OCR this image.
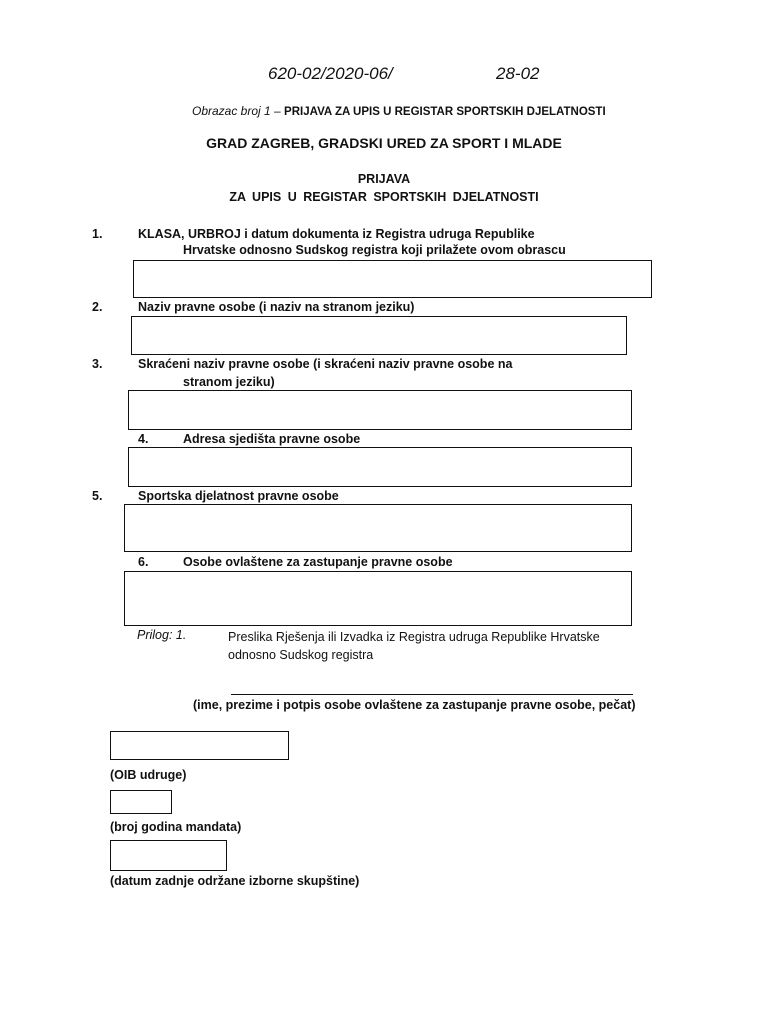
620-02/2020-06/	28-02
Obrazac broj 1 – PRIJAVA ZA UPIS U REGISTAR SPORTSKIH DJELATNOSTI
GRAD ZAGREB, GRADSKI URED ZA SPORT I MLADE
PRIJAVA
ZA UPIS U REGISTAR SPORTSKIH DJELATNOSTI
1.	KLASA, URBROJ i datum dokumenta iz Registra udruga Republike
Hrvatske odnosno Sudskog registra koji prilažete ovom obrascu
2.	Naziv pravne osobe (i naziv na stranom jeziku)
3.	Skraćeni naziv pravne osobe (i skraćeni naziv pravne osobe na
stranom jeziku)
4.	Adresa sjedišta pravne osobe
5.	Sportska djelatnost pravne osobe
6.	Osobe ovlaštene za zastupanje pravne osobe
Prilog: 1.	Preslika Rješenja ili Izvadka iz Registra udruga Republike Hrvatske
odnosno Sudskog registra
(ime, prezime i potpis osobe ovlaštene za zastupanje pravne osobe, pečat)
(OIB udruge)
(broj godina mandata)
(datum zadnje održane izborne skupštine)
